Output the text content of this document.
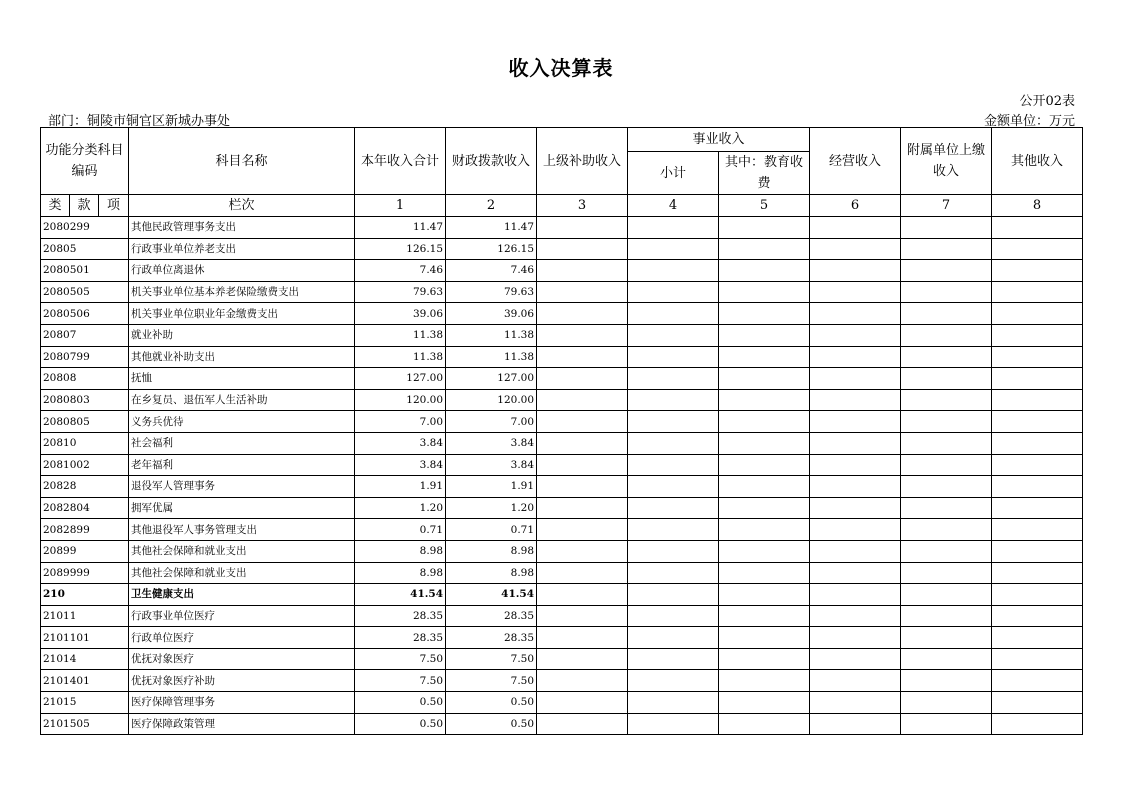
收入决算表
公开02表
部门：铜陵市铜官区新城办事处	金额单位：万元
功能分类科目编码			科目名称	本年收入合计	财政拨款收入	上级补助收入	事业收入		经营收入	附属单位上缴收入	其他收入
							小计	其中：教育收费			
类	款	项	栏次	1	2	3	4	5	6	7	8
2080299			其他民政管理事务支出	11.47	11.47						
20805			行政事业单位养老支出	126.15	126.15						
2080501			行政单位离退休	7.46	7.46						
2080505			机关事业单位基本养老保险缴费支出	79.63	79.63						
2080506			机关事业单位职业年金缴费支出	39.06	39.06						
20807			就业补助	11.38	11.38						
2080799			其他就业补助支出	11.38	11.38						
20808			抚恤	127.00	127.00						
2080803			在乡复员、退伍军人生活补助	120.00	120.00						
2080805			义务兵优待	7.00	7.00						
20810			社会福利	3.84	3.84						
2081002			老年福利	3.84	3.84						
20828			退役军人管理事务	1.91	1.91						
2082804			拥军优属	1.20	1.20						
2082899			其他退役军人事务管理支出	0.71	0.71						
20899			其他社会保障和就业支出	8.98	8.98						
2089999			其他社会保障和就业支出	8.98	8.98						
210			卫生健康支出	41.54	41.54						
21011			行政事业单位医疗	28.35	28.35						
2101101			行政单位医疗	28.35	28.35						
21014			优抚对象医疗	7.50	7.50						
2101401			优抚对象医疗补助	7.50	7.50						
21015			医疗保障管理事务	0.50	0.50						
2101505			医疗保障政策管理	0.50	0.50						
